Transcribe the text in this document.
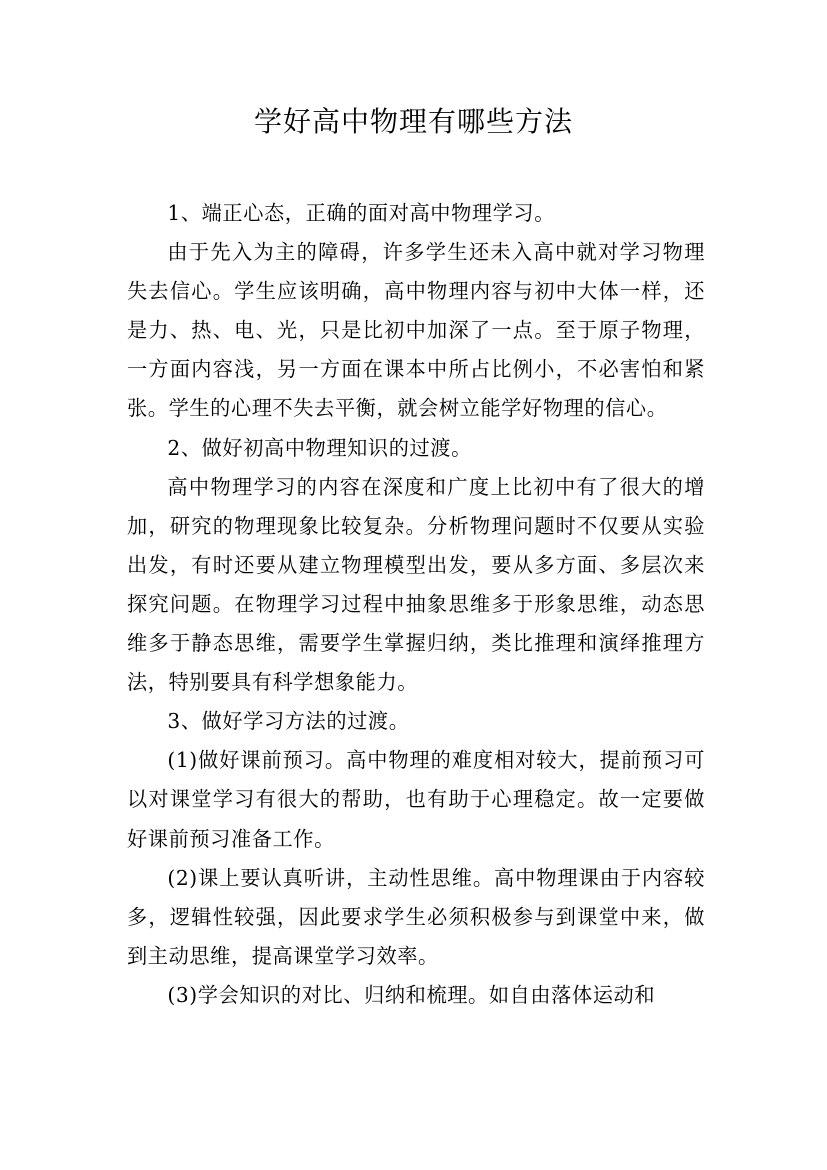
学好高中物理有哪些方法

1、端正心态，正确的面对高中物理学习。

由于先入为主的障碍，许多学生还未入高中就对学习物理失去信心。学生应该明确，高中物理内容与初中大体一样，还是力、热、电、光，只是比初中加深了一点。至于原子物理，一方面内容浅，另一方面在课本中所占比例小，不必害怕和紧张。学生的心理不失去平衡，就会树立能学好物理的信心。

2、做好初高中物理知识的过渡。

高中物理学习的内容在深度和广度上比初中有了很大的增加，研究的物理现象比较复杂。分析物理问题时不仅要从实验出发，有时还要从建立物理模型出发，要从多方面、多层次来探究问题。在物理学习过程中抽象思维多于形象思维，动态思维多于静态思维，需要学生掌握归纳，类比推理和演绎推理方法，特别要具有科学想象能力。

3、做好学习方法的过渡。

(1)做好课前预习。高中物理的难度相对较大，提前预习可以对课堂学习有很大的帮助，也有助于心理稳定。故一定要做好课前预习准备工作。

(2)课上要认真听讲，主动性思维。高中物理课由于内容较多，逻辑性较强，因此要求学生必须积极参与到课堂中来，做到主动思维，提高课堂学习效率。

(3)学会知识的对比、归纳和梳理。如自由落体运动和
